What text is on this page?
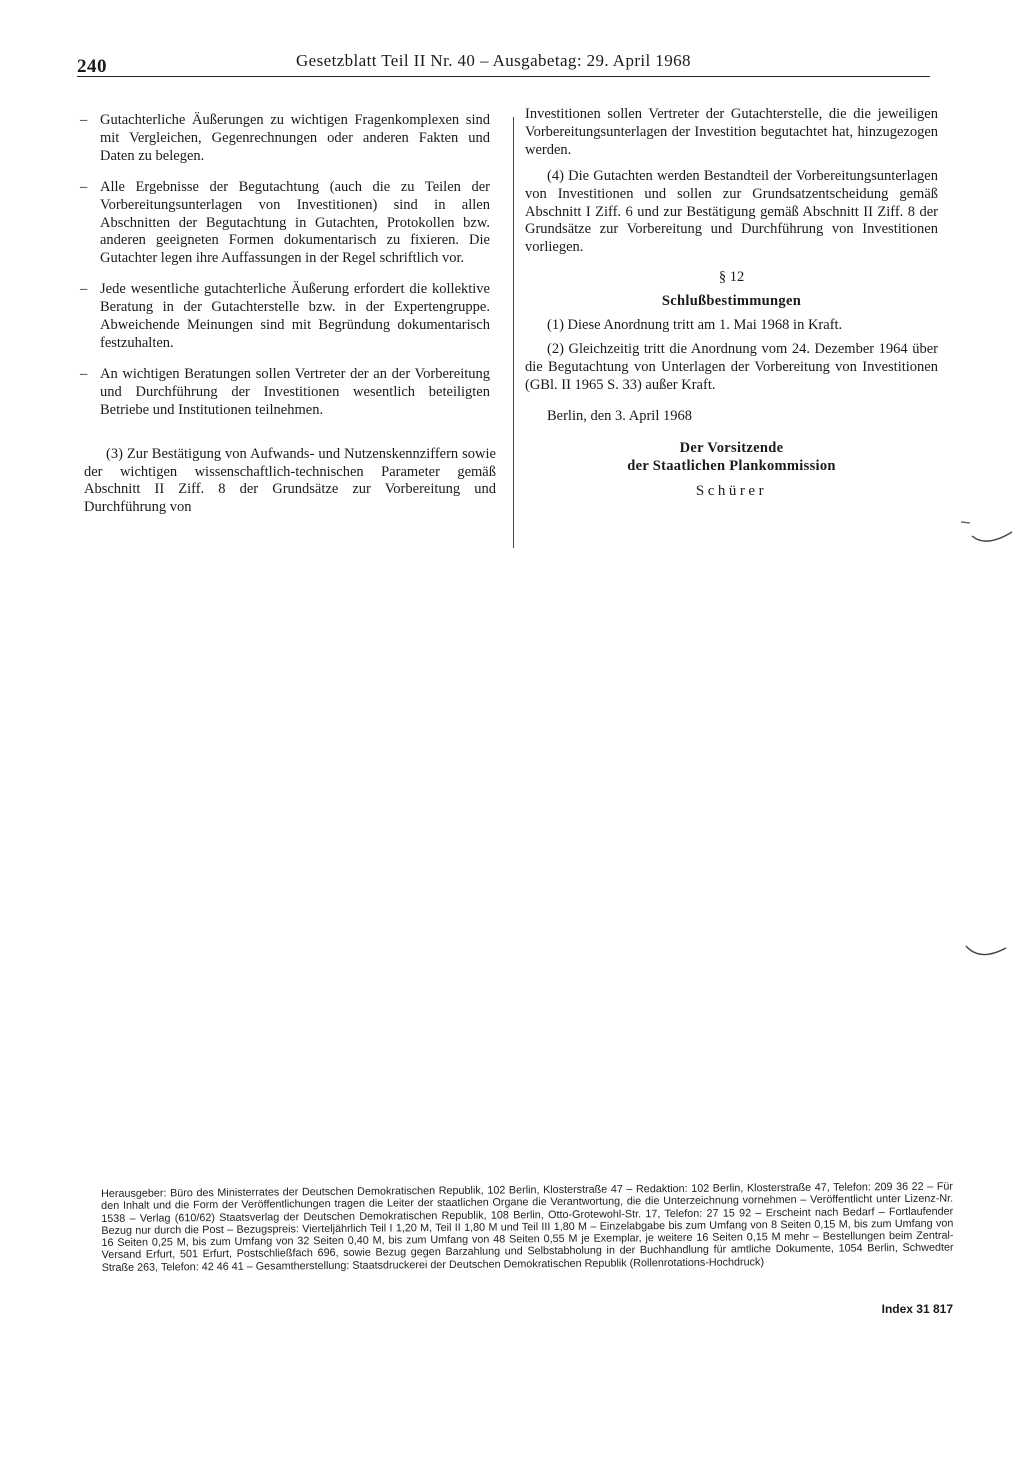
240	Gesetzblatt Teil II Nr. 40 – Ausgabetag: 29. April 1968
– Gutachterliche Äußerungen zu wichtigen Fragenkomplexen sind mit Vergleichen, Gegenrechnungen oder anderen Fakten und Daten zu belegen.
– Alle Ergebnisse der Begutachtung (auch die zu Teilen der Vorbereitungsunterlagen von Investitionen) sind in allen Abschnitten der Begutachtung in Gutachten, Protokollen bzw. anderen geeigneten Formen dokumentarisch zu fixieren. Die Gutachter legen ihre Auffassungen in der Regel schriftlich vor.
– Jede wesentliche gutachterliche Äußerung erfordert die kollektive Beratung in der Gutachterstelle bzw. in der Expertengruppe. Abweichende Meinungen sind mit Begründung dokumentarisch festzuhalten.
– An wichtigen Beratungen sollen Vertreter der an der Vorbereitung und Durchführung der Investitionen wesentlich beteiligten Betriebe und Institutionen teilnehmen.

(3) Zur Bestätigung von Aufwands- und Nutzenskennziffern sowie der wichtigen wissenschaftlich-technischen Parameter gemäß Abschnitt II Ziff. 8 der Grundsätze zur Vorbereitung und Durchführung von

Investitionen sollen Vertreter der Gutachterstelle, die die jeweiligen Vorbereitungsunterlagen der Investition begutachtet hat, hinzugezogen werden.

(4) Die Gutachten werden Bestandteil der Vorbereitungsunterlagen von Investitionen und sollen zur Grundsatzentscheidung gemäß Abschnitt I Ziff. 6 und zur Bestätigung gemäß Abschnitt II Ziff. 8 der Grundsätze zur Vorbereitung und Durchführung von Investitionen vorliegen.

§ 12
Schlußbestimmungen

(1) Diese Anordnung tritt am 1. Mai 1968 in Kraft.

(2) Gleichzeitig tritt die Anordnung vom 24. Dezember 1964 über die Begutachtung von Unterlagen der Vorbereitung von Investitionen (GBl. II 1965 S. 33) außer Kraft.

Berlin, den 3. April 1968
Der Vorsitzende
der Staatlichen Plankommission
Schürer
Herausgeber: Büro des Ministerrates der Deutschen Demokratischen Republik, 102 Berlin, Klosterstraße 47 – Redaktion: 102 Berlin, Klosterstraße 47, Telefon: 209 36 22 – Für den Inhalt und die Form der Veröffentlichungen tragen die Leiter der staatlichen Organe die Verantwortung, die die Unterzeichnung vornehmen – Veröffentlicht unter Lizenz-Nr. 1538 – Verlag (610/62) Staatsverlag der Deutschen Demokratischen Republik, 108 Berlin, Otto-Grotewohl-Str. 17, Telefon: 27 15 92 – Erscheint nach Bedarf – Fortlaufender Bezug nur durch die Post – Bezugspreis: Vierteljährlich Teil I 1,20 M, Teil II 1,80 M und Teil III 1,80 M – Einzelabgabe bis zum Umfang von 8 Seiten 0,15 M, bis zum Umfang von 16 Seiten 0,25 M, bis zum Umfang von 32 Seiten 0,40 M, bis zum Umfang von 48 Seiten 0,55 M je Exemplar, je weitere 16 Seiten 0,15 M mehr – Bestellungen beim Zentral-Versand Erfurt, 501 Erfurt, Postschließfach 696, sowie Bezug gegen Barzahlung und Selbstabholung in der Buchhandlung für amtliche Dokumente, 1054 Berlin, Schwedter Straße 263, Telefon: 42 46 41 – Gesamtherstellung: Staatsdruckerei der Deutschen Demokratischen Republik (Rollenrotations-Hochdruck)
Index 31 817
